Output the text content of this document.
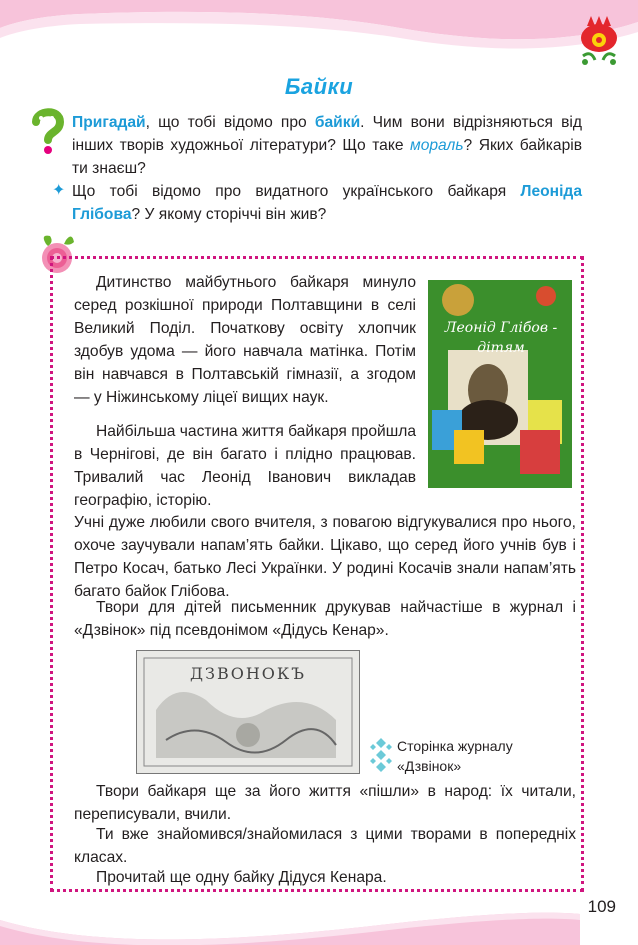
Байки
Пригадай, що тобі відомо про байки́. Чим вони відрізняються від інших творів художньої літератури? Що таке мораль? Яких байкарів ти знаєш?
✦ Що тобі відомо про видатного українського байкаря Леоніда Глібова? У якому сторіччі він жив?
Леонід Глібов -
дітям
Дитинство майбутнього байкаря минуло серед розкішної природи Полтавщини в селі Великий Поділ. Початкову освіту хлопчик здобув удома — його навчала матінка. Потім він навчався в Полтавській гімназії, а згодом — у Ніжинському ліцеї вищих наук.
Найбільша частина життя байкаря пройшла в Чернігові, де він багато і плідно працював. Тривалий час Леонід Іванович викладав географію, історію.
Учні дуже любили свого вчителя, з повагою відгукувалися про нього, охоче заучували напам’ять байки. Цікаво, що серед його учнів був і Петро Косач, батько Лесі Українки. У родині Косачів знали напам’ять багато байок Глібова.
Твори для дітей письменник друкував найчастіше в журнал і «Дзвінок» під псевдонімом «Дідусь Кенар».
ДЗВОНОКЪ
Сторінка журналу
«Дзвінок»
Твори байкаря ще за його життя «пішли» в народ: їх читали, переписували, вчили.
Ти вже знайомився/знайомилася з цими творами в попередніх класах.
Прочитай ще одну байку Дідуся Кенара.
109
